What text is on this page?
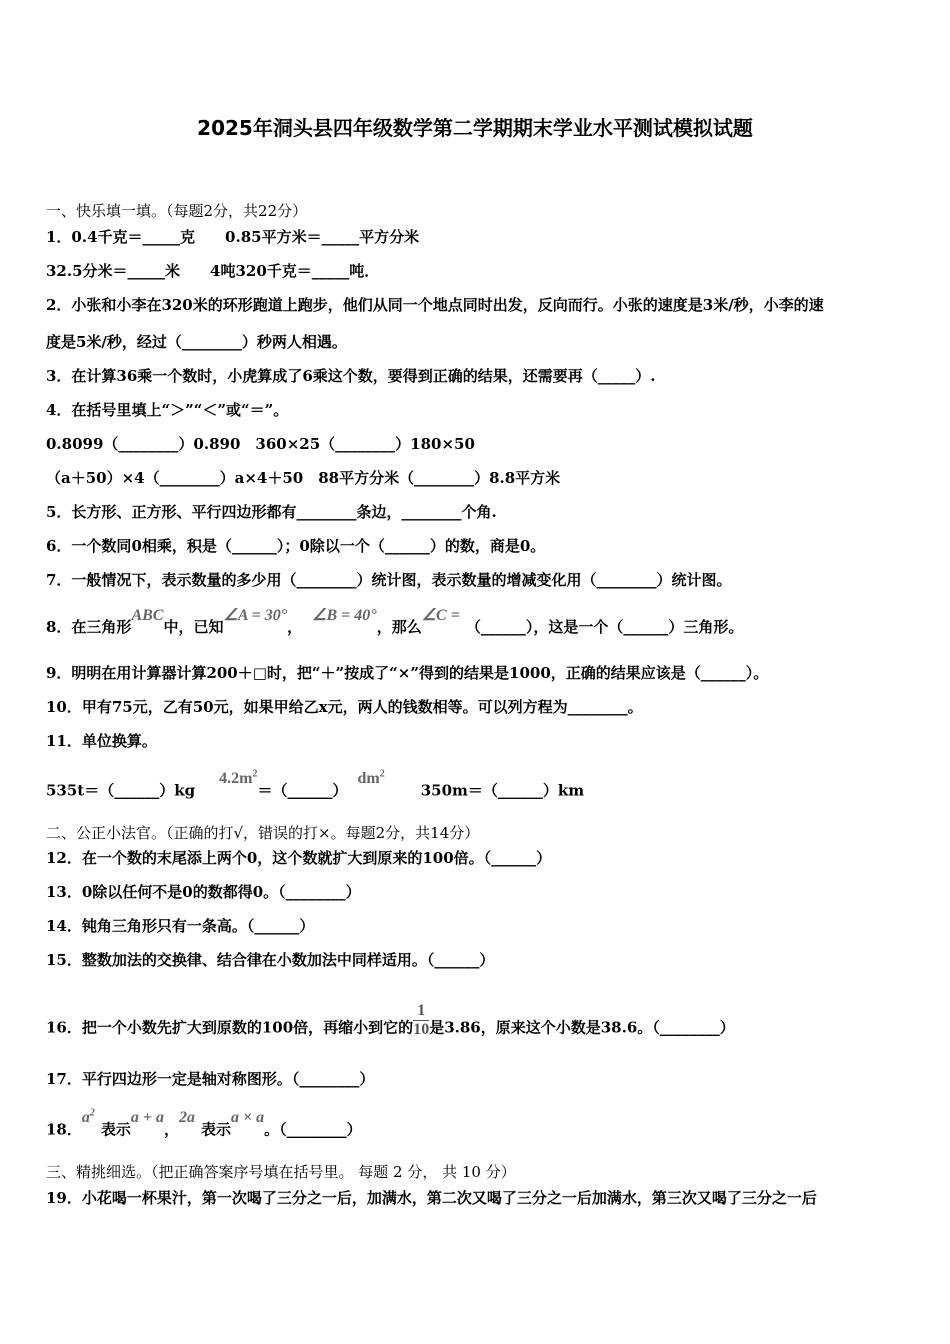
2025年洞头县四年级数学第二学期期末学业水平测试模拟试题
一、快乐填一填。（每题2分，共22分）
1．0.4千克＝_____克　　0.85平方米＝_____平方分米
32.5分米＝_____米　　4吨320千克＝_____吨．
2．小张和小李在320米的环形跑道上跑步，他们从同一个地点同时出发，反向而行。小张的速度是3米/秒，小李的速
度是5米/秒，经过（________）秒两人相遇。
3．在计算36乘一个数时，小虎算成了6乘这个数，要得到正确的结果，还需要再（_____）.
4．在括号里填上“＞”“＜”或“＝”。
0.8099（________）0.890　360×25（________）180×50
（a＋50）×4（________）a×4＋50　88平方分米（________）8.8平方米
5．长方形、正方形、平行四边形都有________条边，________个角.
6．一个数同0相乘，积是（______）；0除以一个（______）的数，商是0。
7．一般情况下，表示数量的多少用（________）统计图，表示数量的增减变化用（________）统计图。
8．在三角形ABC中，已知∠A = 30°，∠B = 40°，那么∠C =（______），这是一个（______）三角形。
9．明明在用计算器计算200＋□时，把“＋”按成了“×”得到的结果是1000，正确的结果应该是（______）。
10．甲有75元，乙有50元，如果甲给乙x元，两人的钱数相等。可以列方程为________。
11．单位换算。
$535t=(\_\_\_\_\_\_)kg4.2m^2=(\_\_\_\_\_\_)dm^2350m=(\_\_\_\_\_\_)km$
二、公正小法官。（正确的打√，错误的打×。每题2分，共14分）
12．在一个数的末尾添上两个0，这个数就扩大到原来的100倍。（______）
13．0除以任何不是0的数都得0。（________）
14．钝角三角形只有一条高。（______）
15．整数加法的交换律、结合律在小数加法中同样适用。（______）
16．把一个小数先扩大到原数的100倍，再缩小到它的 $\frac{1}{10}$ 是3.86，原来这个小数是38.6。（________）
17．平行四边形一定是轴对称图形。（________）
18．$a^2$表示a + a，2a表示a × a。（________）
三、精挑细选。（把正确答案序号填在括号里。 每题 2 分， 共 10 分）
19．小花喝一杯果汁，第一次喝了三分之一后，加满水，第二次又喝了三分之一后加满水，第三次又喝了三分之一后
